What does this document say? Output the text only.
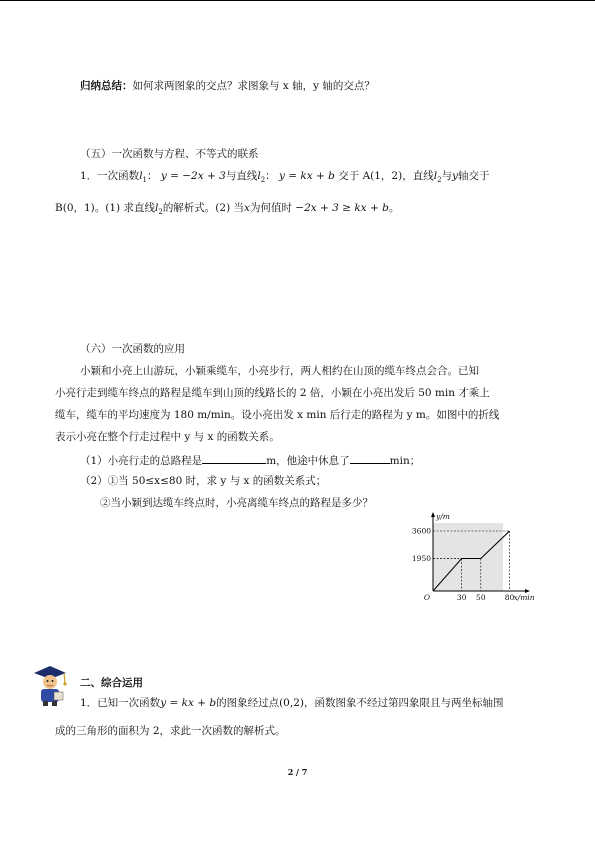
归纳总结：如何求两图象的交点？求图象与 x 轴，y 轴的交点？
（五）一次函数与方程、不等式的联系
1．一次函数$l_1$： y = −2x + 3与直线$l_2$： y = kx + b 交于 A(1，2)，直线$l_2$与y轴交于
B(0，1)。(1) 求直线$l_2$的解析式。(2) 当x为何值时 −2x + 3 ≥ kx + b。
（六）一次函数的应用
小颖和小亮上山游玩，小颖乘缆车，小亮步行，两人相约在山顶的缆车终点会合。已知
小亮行走到缆车终点的路程是缆车到山顶的线路长的 2 倍，小颖在小亮出发后 50 min 才乘上
缆车，缆车的平均速度为 180 m/min。设小亮出发 x min 后行走的路程为 y m。如图中的折线
表示小亮在整个行走过程中 y 与 x 的函数关系。
（1）小亮行走的总路程是	m，他途中休息了	min；
（2）①当 50≤x≤80 时，求 y 与 x 的函数关系式；
②当小颖到达缆车终点时，小亮离缆车终点的路程是多少？
30 50	80
1950
3600
O
y/m
x/min
二、综合运用
1．已知一次函数y = kx + b的图象经过点(0,2)，函数图象不经过第四象限且与两坐标轴围
成的三角形的面积为 2，求此一次函数的解析式。
2 / 7
